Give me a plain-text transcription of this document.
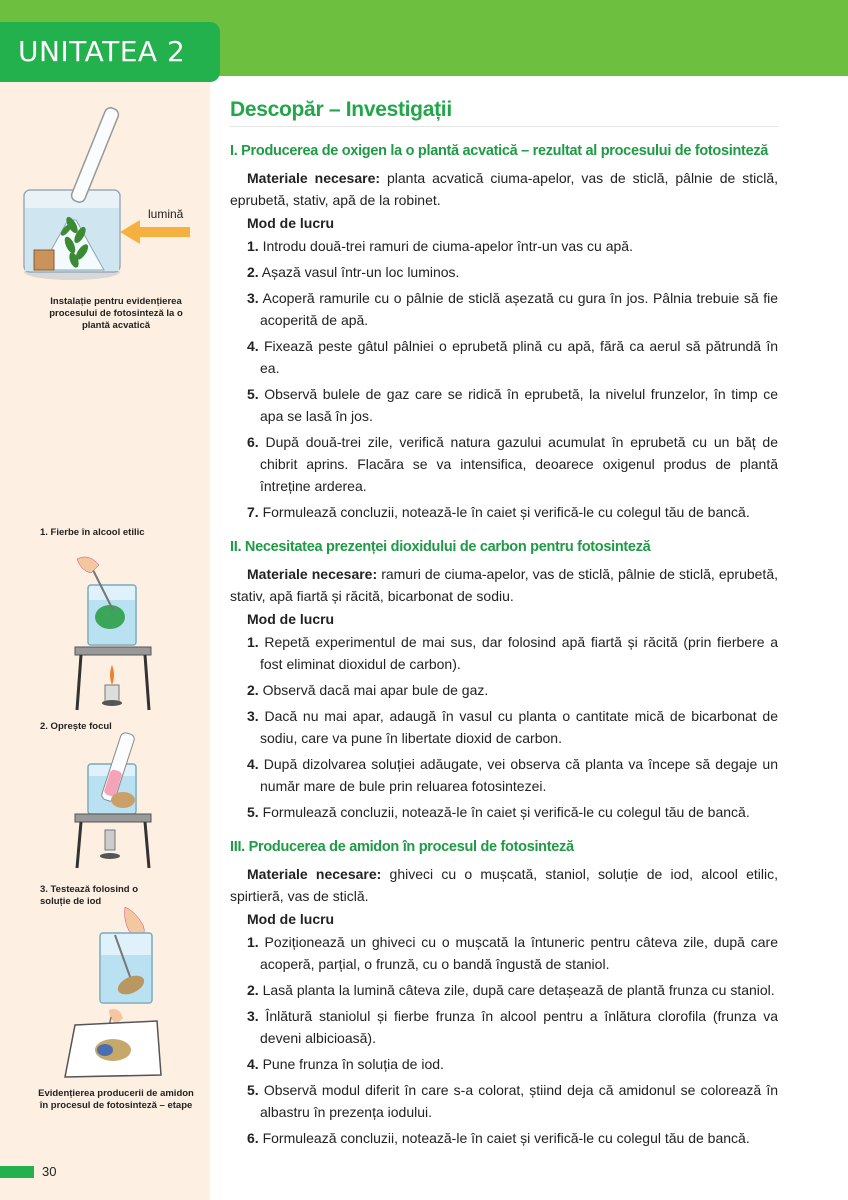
UNITATEA 2
lumină
Instalație pentru evidențierea procesului de fotosinteză la o plantă acvatică
1. Fierbe în alcool etilic
2. Oprește focul
3. Testează folosind o soluție de iod
Evidențierea producerii de amidon în procesul de fotosinteză – etape
Descopăr – Investigații
I. Producerea de oxigen la o plantă acvatică – rezultat al procesului de fotosinteză

Materiale necesare: planta acvatică ciuma-apelor, vas de sticlă, pâlnie de sticlă, eprubetă, stativ, apă de la robinet.

Mod de lucru
1. Introdu două-trei ramuri de ciuma-apelor într-un vas cu apă.
2. Așază vasul într-un loc luminos.
3. Acoperă ramurile cu o pâlnie de sticlă așezată cu gura în jos. Pâlnia trebuie să fie acoperită de apă.
4. Fixează peste gâtul pâlniei o eprubetă plină cu apă, fără ca aerul să pătrundă în ea.
5. Observă bulele de gaz care se ridică în eprubetă, la nivelul frunzelor, în timp ce apa se lasă în jos.
6. După două-trei zile, verifică natura gazului acumulat în eprubetă cu un băț de chibrit aprins. Flacăra se va intensifica, deoarece oxigenul produs de plantă întreține arderea.
7. Formulează concluzii, notează-le în caiet și verifică-le cu colegul tău de bancă.
II. Necesitatea prezenței dioxidului de carbon pentru fotosinteză

Materiale necesare: ramuri de ciuma-apelor, vas de sticlă, pâlnie de sticlă, eprubetă, stativ, apă fiartă și răcită, bicarbonat de sodiu.

Mod de lucru
1. Repetă experimentul de mai sus, dar folosind apă fiartă și răcită (prin fierbere a fost eliminat dioxidul de carbon).
2. Observă dacă mai apar bule de gaz.
3. Dacă nu mai apar, adaugă în vasul cu planta o cantitate mică de bicarbonat de sodiu, care va pune în libertate dioxid de carbon.
4. După dizolvarea soluției adăugate, vei observa că planta va începe să degaje un număr mare de bule prin reluarea fotosintezei.
5. Formulează concluzii, notează-le în caiet și verifică-le cu colegul tău de bancă.
III. Producerea de amidon în procesul de fotosinteză

Materiale necesare: ghiveci cu o mușcată, staniol, soluție de iod, alcool etilic, spirtieră, vas de sticlă.

Mod de lucru
1. Poziționează un ghiveci cu o mușcată la întuneric pentru câteva zile, după care acoperă, parțial, o frunză, cu o bandă îngustă de staniol.
2. Lasă planta la lumină câteva zile, după care detașează de plantă frunza cu staniol.
3. Înlătură staniolul și fierbe frunza în alcool pentru a înlătura clorofila (frunza va deveni albicioasă).
4. Pune frunza în soluția de iod.
5. Observă modul diferit în care s-a colorat, știind deja că amidonul se colorează în albastru în prezența iodului.
6. Formulează concluzii, notează-le în caiet și verifică-le cu colegul tău de bancă.
30
